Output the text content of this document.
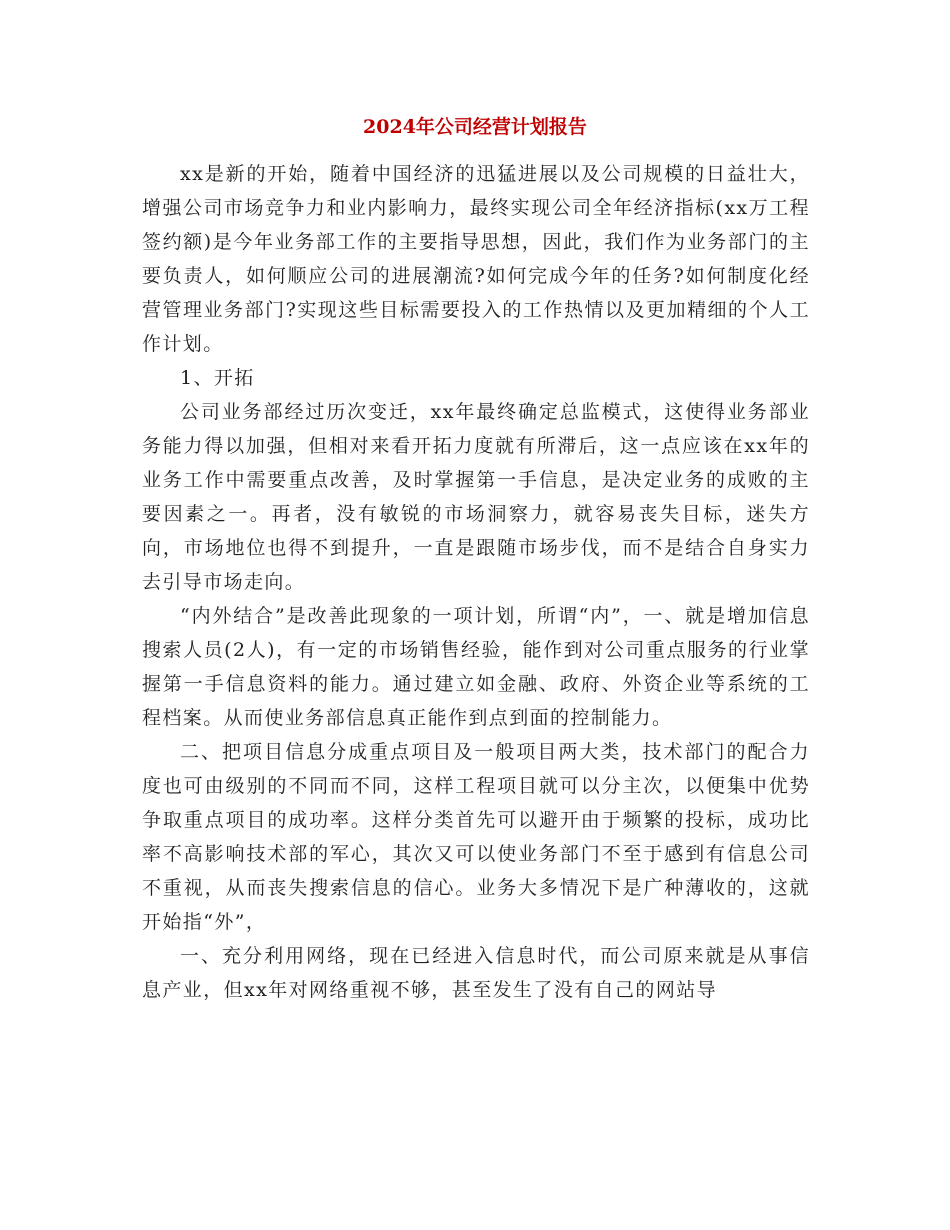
2024年公司经营计划报告

xx是新的开始，随着中国经济的迅猛进展以及公司规模的日益壮大，增强公司市场竞争力和业内影响力，最终实现公司全年经济指标(xx万工程签约额)是今年业务部工作的主要指导思想，因此，我们作为业务部门的主要负责人，如何顺应公司的进展潮流?如何完成今年的任务?如何制度化经营管理业务部门?实现这些目标需要投入的工作热情以及更加精细的个人工作计划。

1、开拓

公司业务部经过历次变迁，xx年最终确定总监模式，这使得业务部业务能力得以加强，但相对来看开拓力度就有所滞后，这一点应该在xx年的业务工作中需要重点改善，及时掌握第一手信息，是决定业务的成败的主要因素之一。再者，没有敏锐的市场洞察力，就容易丧失目标，迷失方向，市场地位也得不到提升，一直是跟随市场步伐，而不是结合自身实力去引导市场走向。

“内外结合”是改善此现象的一项计划，所谓“内”，一、就是增加信息搜索人员(2人)，有一定的市场销售经验，能作到对公司重点服务的行业掌握第一手信息资料的能力。通过建立如金融、政府、外资企业等系统的工程档案。从而使业务部信息真正能作到点到面的控制能力。

二、把项目信息分成重点项目及一般项目两大类，技术部门的配合力度也可由级别的不同而不同，这样工程项目就可以分主次，以便集中优势争取重点项目的成功率。这样分类首先可以避开由于频繁的投标，成功比率不高影响技术部的军心，其次又可以使业务部门不至于感到有信息公司不重视，从而丧失搜索信息的信心。业务大多情况下是广种薄收的，这就开始指“外”，

一、充分利用网络，现在已经进入信息时代，而公司原来就是从事信息产业，但xx年对网络重视不够，甚至发生了没有自己的网站导
